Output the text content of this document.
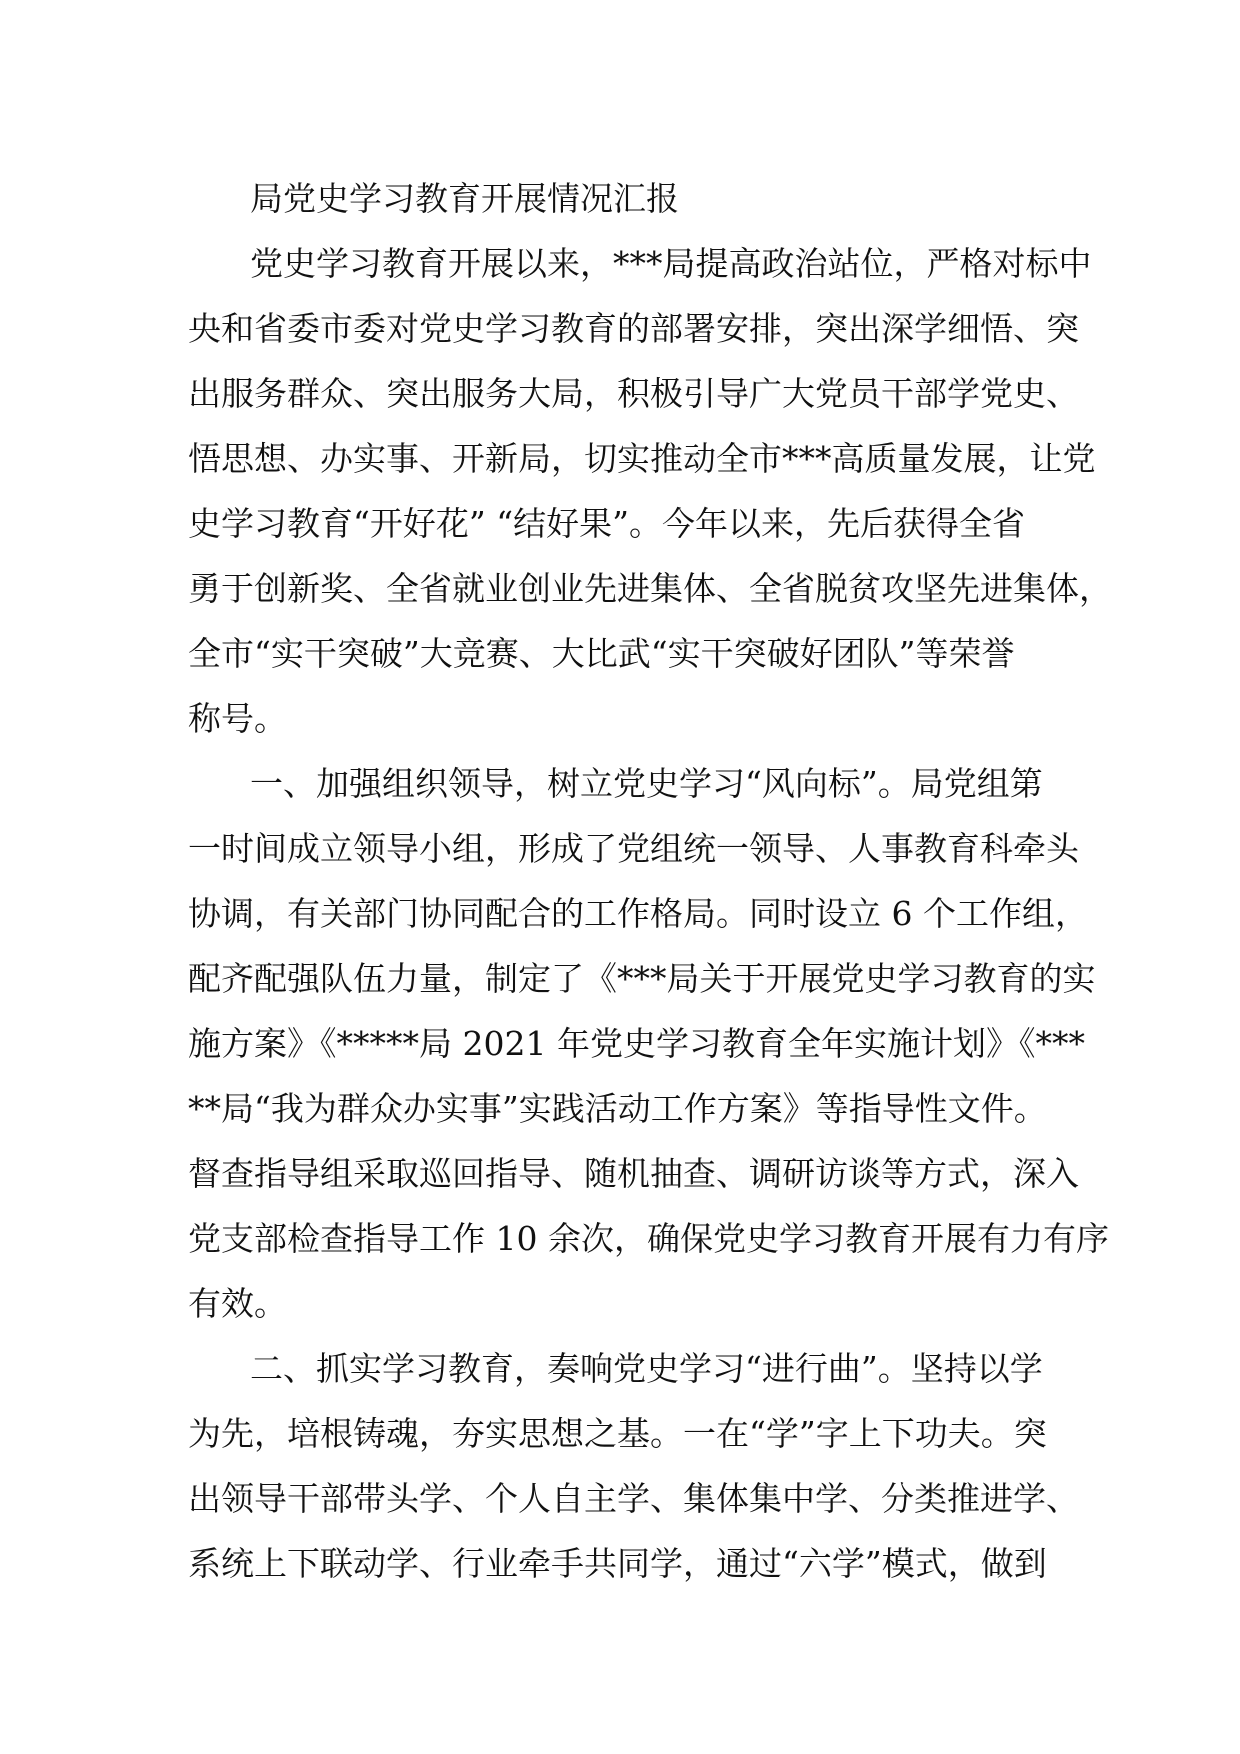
局党史学习教育开展情况汇报
党史学习教育开展以来，***局提高政治站位，严格对标中
央和省委市委对党史学习教育的部署安排，突出深学细悟、突
出服务群众、突出服务大局，积极引导广大党员干部学党史、
悟思想、办实事、开新局，切实推动全市***高质量发展，让党
史学习教育“开好花” “结好果”。今年以来，先后获得全省
勇于创新奖、全省就业创业先进集体、全省脱贫攻坚先进集体，
全市“实干突破”大竞赛、大比武“实干突破好团队”等荣誉
称号。
一、加强组织领导，树立党史学习“风向标”。局党组第
一时间成立领导小组，形成了党组统一领导、人事教育科牵头
协调，有关部门协同配合的工作格局。同时设立 6 个工作组，
配齐配强队伍力量，制定了《***局关于开展党史学习教育的实
施方案》《*****局 2021 年党史学习教育全年实施计划》《***
**局“我为群众办实事”实践活动工作方案》等指导性文件。
督查指导组采取巡回指导、随机抽查、调研访谈等方式，深入
党支部检查指导工作 10 余次，确保党史学习教育开展有力有序
有效。
二、抓实学习教育，奏响党史学习“进行曲”。坚持以学
为先，培根铸魂，夯实思想之基。一在“学”字上下功夫。突
出领导干部带头学、个人自主学、集体集中学、分类推进学、
系统上下联动学、行业牵手共同学，通过“六学”模式，做到
